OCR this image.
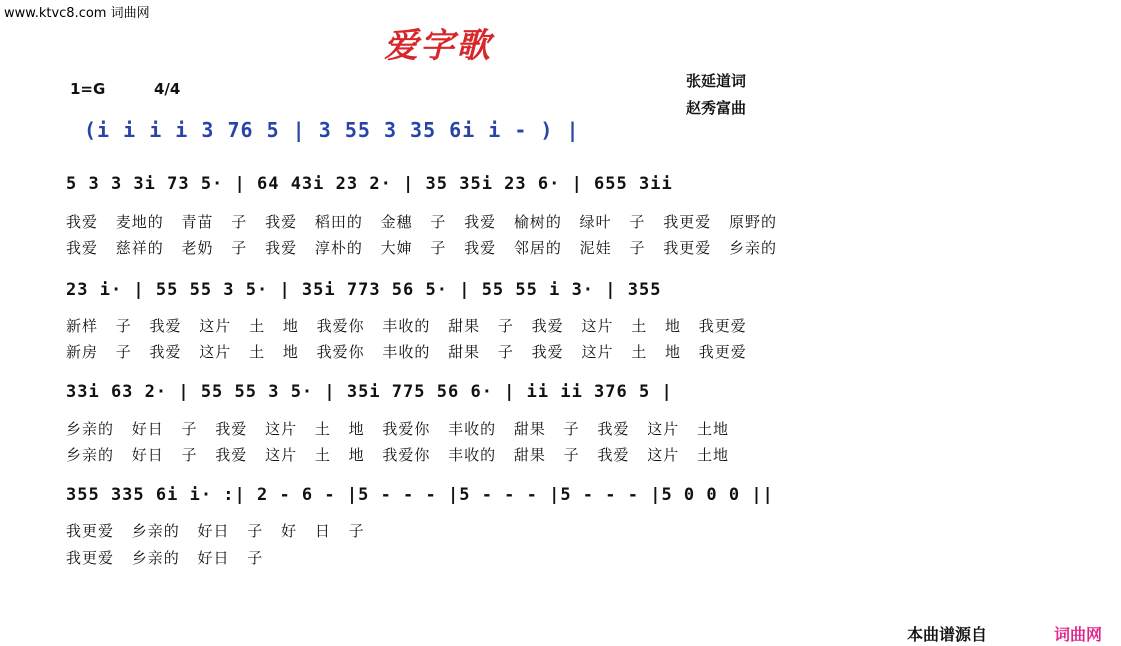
www.ktvc8.com 词曲网
爱字歌
1=G	4/4	张延道词
赵秀富曲
(i i i i 3 76 5 | 3 55 3 35 6i i - ) |
5 3 3 3i 73 5· | 64 43i 23 2· | 35 35i 23 6· | 655 3ii
我爱 麦地的 青苗 子 我爱 稻田的 金穗 子 我爱 榆树的 绿叶 子 我更爱 原野的
我爱 慈祥的 老奶 子 我爱 淳朴的 大婶 子 我爱 邻居的 泥娃 子 我更爱 乡亲的
23 i· | 55 55 3 5· | 35i 773 56 5· | 55 55 i 3· | 355
新样 子 我爱 这片 土 地 我爱你 丰收的 甜果 子 我爱 这片 土 地 我更爱
新房 子 我爱 这片 土 地 我爱你 丰收的 甜果 子 我爱 这片 土 地 我更爱
33i 63 2· | 55 55 3 5· | 35i 775 56 6· | ii ii 376 5 |
乡亲的 好日 子 我爱 这片 土 地 我爱你 丰收的 甜果 子 我爱 这片 土地
乡亲的 好日 子 我爱 这片 土 地 我爱你 丰收的 甜果 子 我爱 这片 土地
355 335 6i i· :| 2 - 6 - |5 - - - |5 - - - |5 - - - |5 0 0 0 ||
我更爱 乡亲的 好日 子 好 日 子
我更爱 乡亲的 好日 子
本曲谱源自	词曲网
